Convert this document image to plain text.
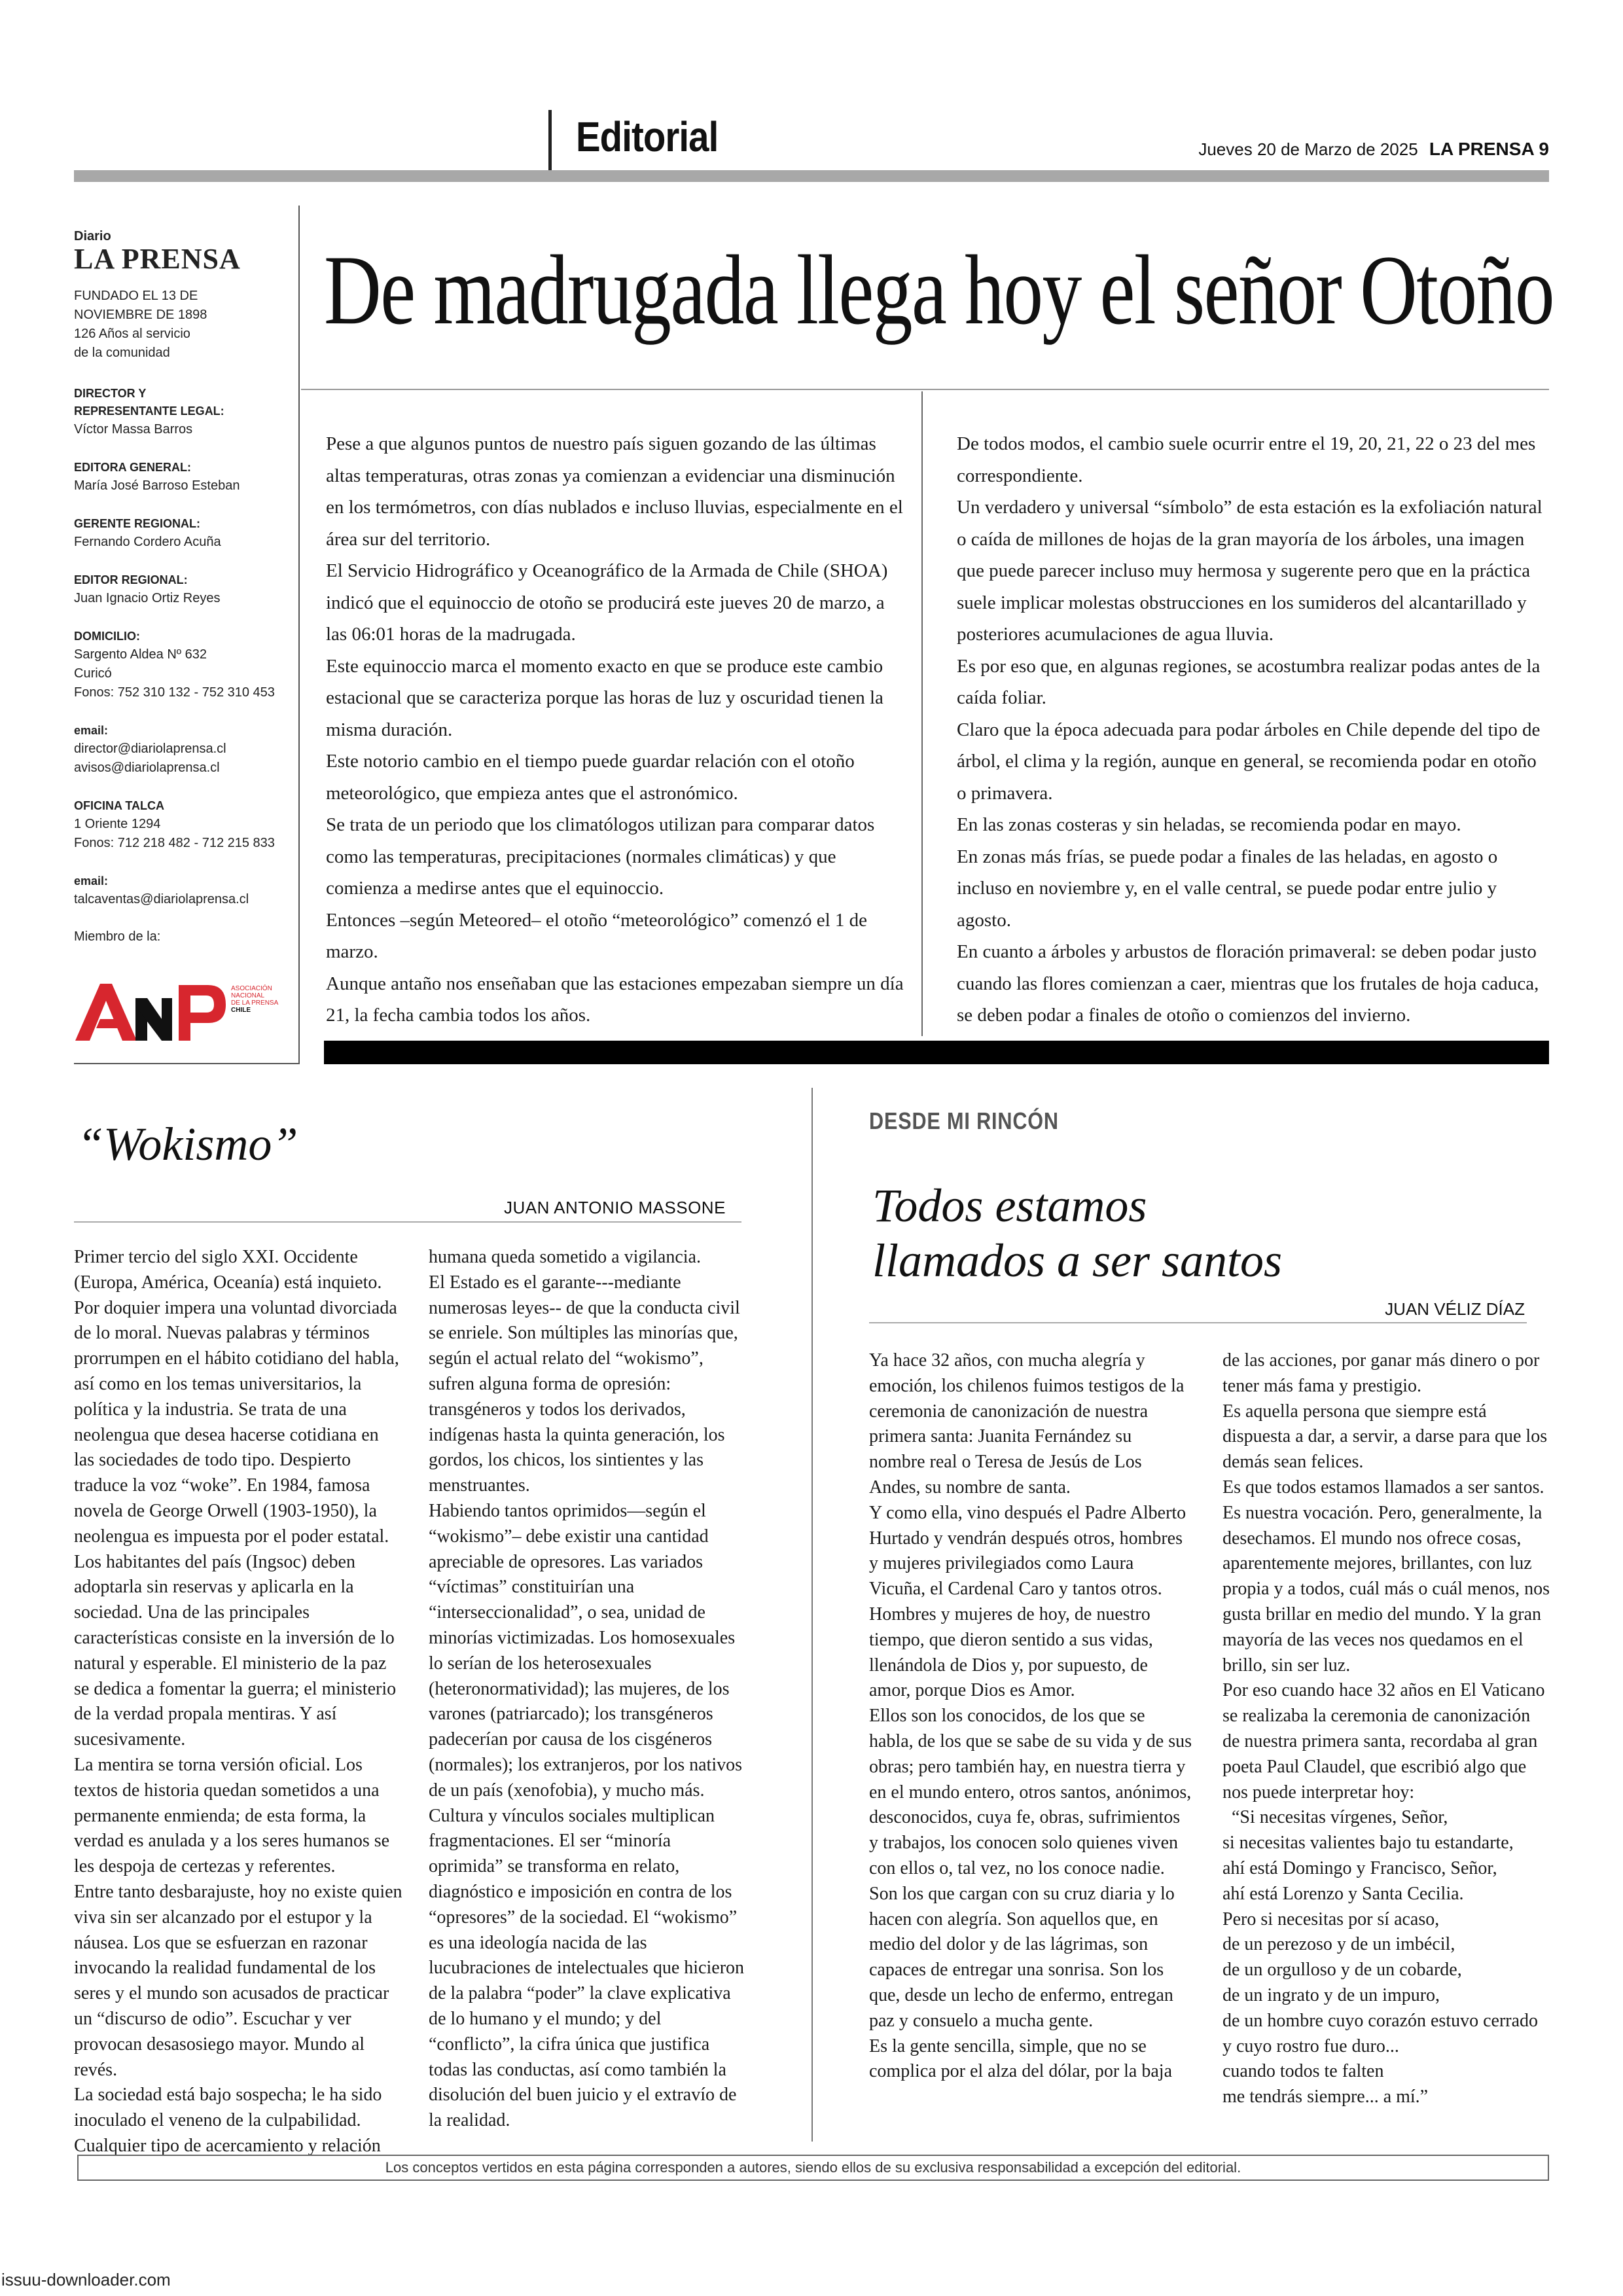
Editorial	Jueves 20 de Marzo de 2025 LA PRENSA 9
Diario
LA PRENSA
FUNDADO EL 13 DE
NOVIEMBRE DE 1898
126 Años al servicio
de la comunidad
DIRECTOR Y
REPRESENTANTE LEGAL:
Víctor Massa Barros
EDITORA GENERAL:
María José Barroso Esteban
GERENTE REGIONAL:
Fernando Cordero Acuña
EDITOR REGIONAL:
Juan Ignacio Ortiz Reyes
DOMICILIO:
Sargento Aldea Nº 632
Curicó
Fonos: 752 310 132 - 752 310 453
email:
director@diariolaprensa.cl
avisos@diariolaprensa.cl
OFICINA TALCA
1 Oriente 1294
Fonos: 712 218 482 - 712 215 833
email:
talcaventas@diariolaprensa.cl
Miembro de la:
ASOCIACIÓN
NACIONAL
DE LA PRENSA
CHILE
De madrugada llega hoy el señor Otoño

Pese a que algunos puntos de nuestro país siguen gozando de las últimas altas temperaturas, otras zonas ya comienzan a evidenciar una disminución en los termómetros, con días nublados e incluso lluvias, especialmente en el área sur del territorio.

El Servicio Hidrográfico y Oceanográfico de la Armada de Chile (SHOA) indicó que el equinoccio de otoño se producirá este jueves 20 de marzo, a las 06:01 horas de la madrugada.

Este equinoccio marca el momento exacto en que se produce este cambio estacional que se caracteriza porque las horas de luz y oscuridad tienen la misma duración.

Este notorio cambio en el tiempo puede guardar relación con el otoño meteorológico, que empieza antes que el astronómico.

Se trata de un periodo que los climatólogos utilizan para comparar datos como las temperaturas, precipitaciones (normales climáticas) y que comienza a medirse antes que el equinoccio.

Entonces –según Meteored– el otoño “meteorológico” comenzó el 1 de marzo.

Aunque antaño nos enseñaban que las estaciones empezaban siempre un día 21, la fecha cambia todos los años.

De todos modos, el cambio suele ocurrir entre el 19, 20, 21, 22 o 23 del mes correspondiente.

Un verdadero y universal “símbolo” de esta estación es la exfoliación natural o caída de millones de hojas de la gran mayoría de los árboles, una imagen que puede parecer incluso muy hermosa y sugerente pero que en la práctica suele implicar molestas obstrucciones en los sumideros del alcantarillado y posteriores acumulaciones de agua lluvia.

Es por eso que, en algunas regiones, se acostumbra realizar podas antes de la caída foliar.

Claro que la época adecuada para podar árboles en Chile depende del tipo de árbol, el clima y la región, aunque en general, se recomienda podar en otoño o primavera.

En las zonas costeras y sin heladas, se recomienda podar en mayo.

En zonas más frías, se puede podar a finales de las heladas, en agosto o incluso en noviembre y, en el valle central, se puede podar entre julio y agosto.

En cuanto a árboles y arbustos de floración primaveral: se deben podar justo cuando las flores comienzan a caer, mientras que los frutales de hoja caduca, se deben podar a finales de otoño o comienzos del invierno.

“Wokismo”
JUAN ANTONIO MASSONE

Primer tercio del siglo XXI. Occidente (Europa, América, Oceanía) está inquieto. Por doquier impera una voluntad divorciada de lo moral. Nuevas palabras y términos prorrumpen en el hábito cotidiano del habla, así como en los temas universitarios, la política y la industria. Se trata de una neolengua que desea hacerse cotidiana en las sociedades de todo tipo. Despierto traduce la voz “woke”. En 1984, famosa novela de George Orwell (1903-1950), la neolengua es impuesta por el poder estatal. Los habitantes del país (Ingsoc) deben adoptarla sin reservas y aplicarla en la sociedad. Una de las principales características consiste en la inversión de lo natural y esperable. El ministerio de la paz se dedica a fomentar la guerra; el ministerio de la verdad propala mentiras. Y así sucesivamente.

La mentira se torna versión oficial. Los textos de historia quedan sometidos a una permanente enmienda; de esta forma, la verdad es anulada y a los seres humanos se les despoja de certezas y referentes.

Entre tanto desbarajuste, hoy no existe quien viva sin ser alcanzado por el estupor y la náusea. Los que se esfuerzan en razonar invocando la realidad fundamental de los seres y el mundo son acusados de practicar un “discurso de odio”. Escuchar y ver provocan desasosiego mayor. Mundo al revés.

La sociedad está bajo sospecha; le ha sido inoculado el veneno de la culpabilidad. Cualquier tipo de acercamiento y relación

humana queda sometido a vigilancia.

El Estado es el garante---mediante numerosas leyes-- de que la conducta civil se enriele. Son múltiples las minorías que, según el actual relato del “wokismo”, sufren alguna forma de opresión: transgéneros y todos los derivados, indígenas hasta la quinta generación, los gordos, los chicos, los sintientes y las menstruantes.

Habiendo tantos oprimidos—según el “wokismo”– debe existir una cantidad apreciable de opresores. Las variados “víctimas” constituirían una “interseccionalidad”, o sea, unidad de minorías victimizadas. Los homosexuales lo serían de los heterosexuales (heteronormatividad); las mujeres, de los varones (patriarcado); los transgéneros padecerían por causa de los cisgéneros (normales); los extranjeros, por los nativos de un país (xenofobia), y mucho más.

Cultura y vínculos sociales multiplican fragmentaciones. El ser “minoría oprimida” se transforma en relato, diagnóstico e imposición en contra de los “opresores” de la sociedad. El “wokismo” es una ideología nacida de las lucubraciones de intelectuales que hicieron de la palabra “poder” la clave explicativa de lo humano y el mundo; y del “conflicto”, la cifra única que justifica todas las conductas, así como también la disolución del buen juicio y el extravío de la realidad.

DESDE MI RINCÓN
Todos estamos
llamados a ser santos
JUAN VÉLIZ DÍAZ

Ya hace 32 años, con mucha alegría y emoción, los chilenos fuimos testigos de la ceremonia de canonización de nuestra primera santa: Juanita Fernández su nombre real o Teresa de Jesús de Los Andes, su nombre de santa.

Y como ella, vino después el Padre Alberto Hurtado y vendrán después otros, hombres y mujeres privilegiados como Laura Vicuña, el Cardenal Caro y tantos otros.

Hombres y mujeres de hoy, de nuestro tiempo, que dieron sentido a sus vidas, llenándola de Dios y, por supuesto, de amor, porque Dios es Amor.

Ellos son los conocidos, de los que se habla, de los que se sabe de su vida y de sus obras; pero también hay, en nuestra tierra y en el mundo entero, otros santos, anónimos, desconocidos, cuya fe, obras, sufrimientos y trabajos, los conocen solo quienes viven con ellos o, tal vez, no los conoce nadie.

Son los que cargan con su cruz diaria y lo hacen con alegría. Son aquellos que, en medio del dolor y de las lágrimas, son capaces de entregar una sonrisa. Son los que, desde un lecho de enfermo, entregan paz y consuelo a mucha gente.

Es la gente sencilla, simple, que no se complica por el alza del dólar, por la baja

de las acciones, por ganar más dinero o por tener más fama y prestigio.

Es aquella persona que siempre está dispuesta a dar, a servir, a darse para que los demás sean felices.

Es que todos estamos llamados a ser santos. Es nuestra vocación. Pero, generalmente, la desechamos. El mundo nos ofrece cosas, aparentemente mejores, brillantes, con luz propia y a todos, cuál más o cuál menos, nos gusta brillar en medio del mundo. Y la gran mayoría de las veces nos quedamos en el brillo, sin ser luz.

Por eso cuando hace 32 años en El Vaticano se realizaba la ceremonia de canonización de nuestra primera santa, recordaba al gran poeta Paul Claudel, que escribió algo que nos puede interpretar hoy:

“Si necesitas vírgenes, Señor,

si necesitas valientes bajo tu estandarte,

ahí está Domingo y Francisco, Señor,

ahí está Lorenzo y Santa Cecilia.

Pero si necesitas por sí acaso,

de un perezoso y de un imbécil,

de un orgulloso y de un cobarde,

de un ingrato y de un impuro,

de un hombre cuyo corazón estuvo cerrado y cuyo rostro fue duro...

cuando todos te falten

me tendrás siempre... a mí.”

Los conceptos vertidos en esta página corresponden a autores, siendo ellos de su exclusiva responsabilidad a excepción del editorial.
issuu-downloader.com
